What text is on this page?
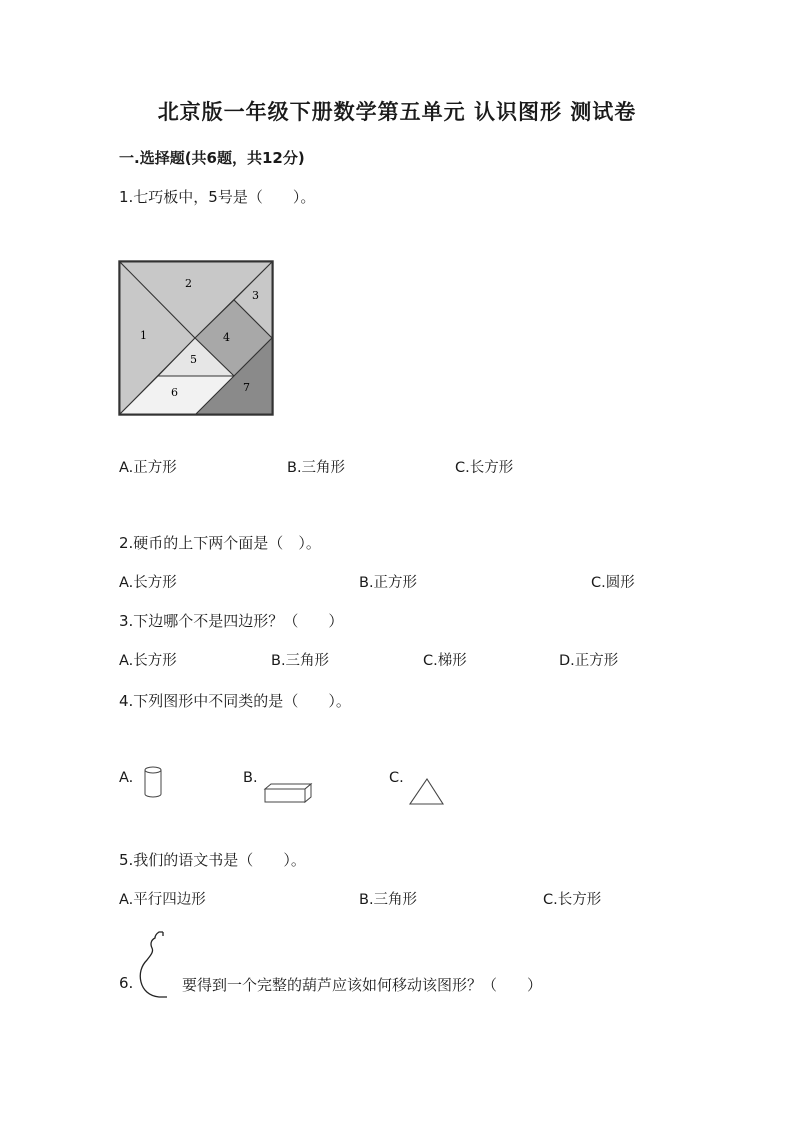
北京版一年级下册数学第五单元 认识图形 测试卷
一.选择题(共6题，共12分)
1.七巧板中，5号是（　　）。
1
2
3
4
5
6	7
A.正方形	B.三角形	C.长方形
2.硬币的上下两个面是（　）。
A.长方形	B.正方形	C.圆形
3.下边哪个不是四边形？（　　）
A.长方形	B.三角形	C.梯形	D.正方形
4.下列图形中不同类的是（　　）。
A.	B.	C.
5.我们的语文书是（　　）。
A.平行四边形	B.三角形	C.长方形
6.	要得到一个完整的葫芦应该如何移动该图形？（　　）
